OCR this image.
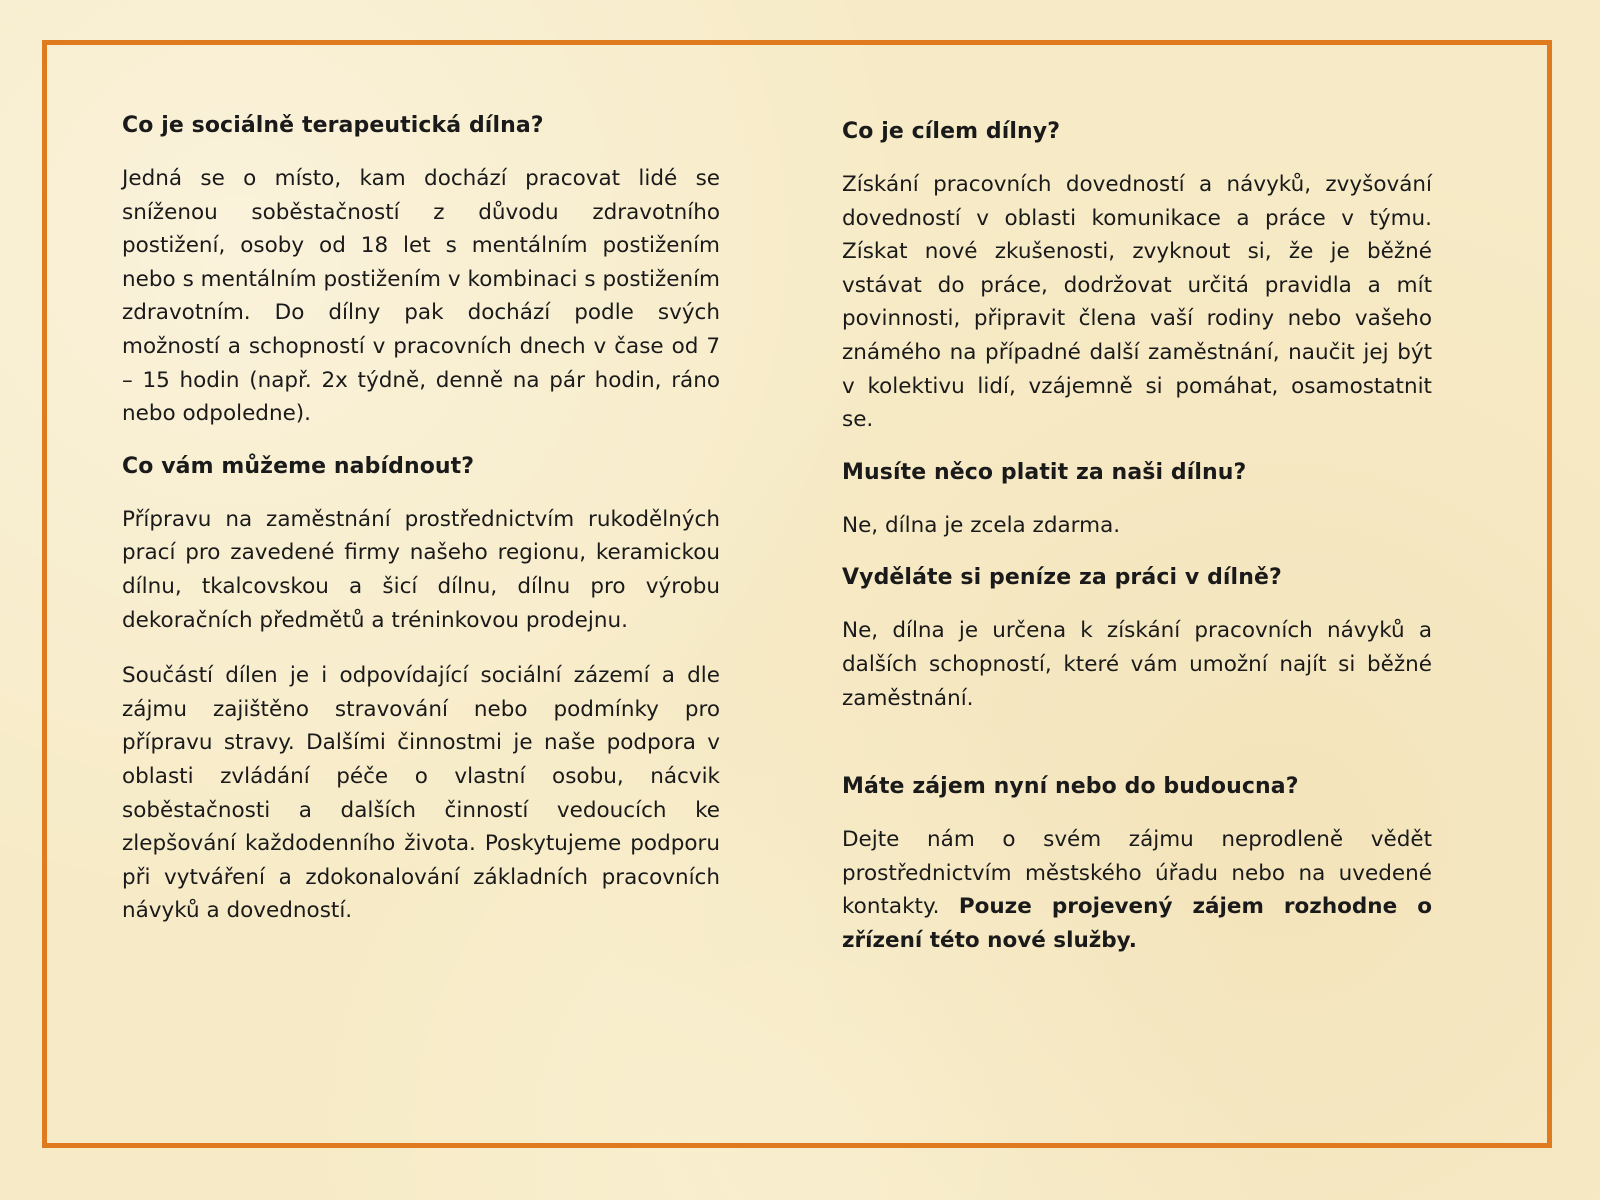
Co je sociálně terapeutická dílna?

Jedná se o místo, kam dochází pracovat lidé se sníženou soběstačností z důvodu zdravotního postižení, osoby od 18 let s mentálním postižením nebo s mentálním postižením v kombinaci s postižením zdravotním. Do dílny pak dochází podle svých možností a schopností v pracovních dnech v čase od 7 – 15 hodin (např. 2x týdně, denně na pár hodin, ráno nebo odpoledne).

Co vám můžeme nabídnout?

Přípravu na zaměstnání prostřednictvím rukodělných prací pro zavedené firmy našeho regionu, keramickou dílnu, tkalcovskou a šicí dílnu, dílnu pro výrobu dekoračních předmětů a tréninkovou prodejnu.

Součástí dílen je i odpovídající sociální zázemí a dle zájmu zajištěno stravování nebo podmínky pro přípravu stravy. Dalšími činnostmi je naše podpora v oblasti zvládání péče o vlastní osobu, nácvik soběstačnosti a dalších činností vedoucích ke zlepšování každodenního života. Poskytujeme podporu při vytváření a zdokonalování základních pracovních návyků a dovedností.

Co je cílem dílny?

Získání pracovních dovedností a návyků, zvyšování dovedností v oblasti komunikace a práce v týmu. Získat nové zkušenosti, zvyknout si, že je běžné vstávat do práce, dodržovat určitá pravidla a mít povinnosti, připravit člena vaší rodiny nebo vašeho známého na případné další zaměstnání, naučit jej být v kolektivu lidí, vzájemně si pomáhat, osamostatnit se.

Musíte něco platit za naši dílnu?

Ne, dílna je zcela zdarma.

Vyděláte si peníze za práci v dílně?

Ne, dílna je určena k získání pracovních návyků a dalších schopností, které vám umožní najít si běžné zaměstnání.

Máte zájem nyní nebo do budoucna?

Dejte nám o svém zájmu neprodleně vědět prostřednictvím městského úřadu nebo na uvedené kontakty. Pouze projevený zájem rozhodne o zřízení této nové služby.
